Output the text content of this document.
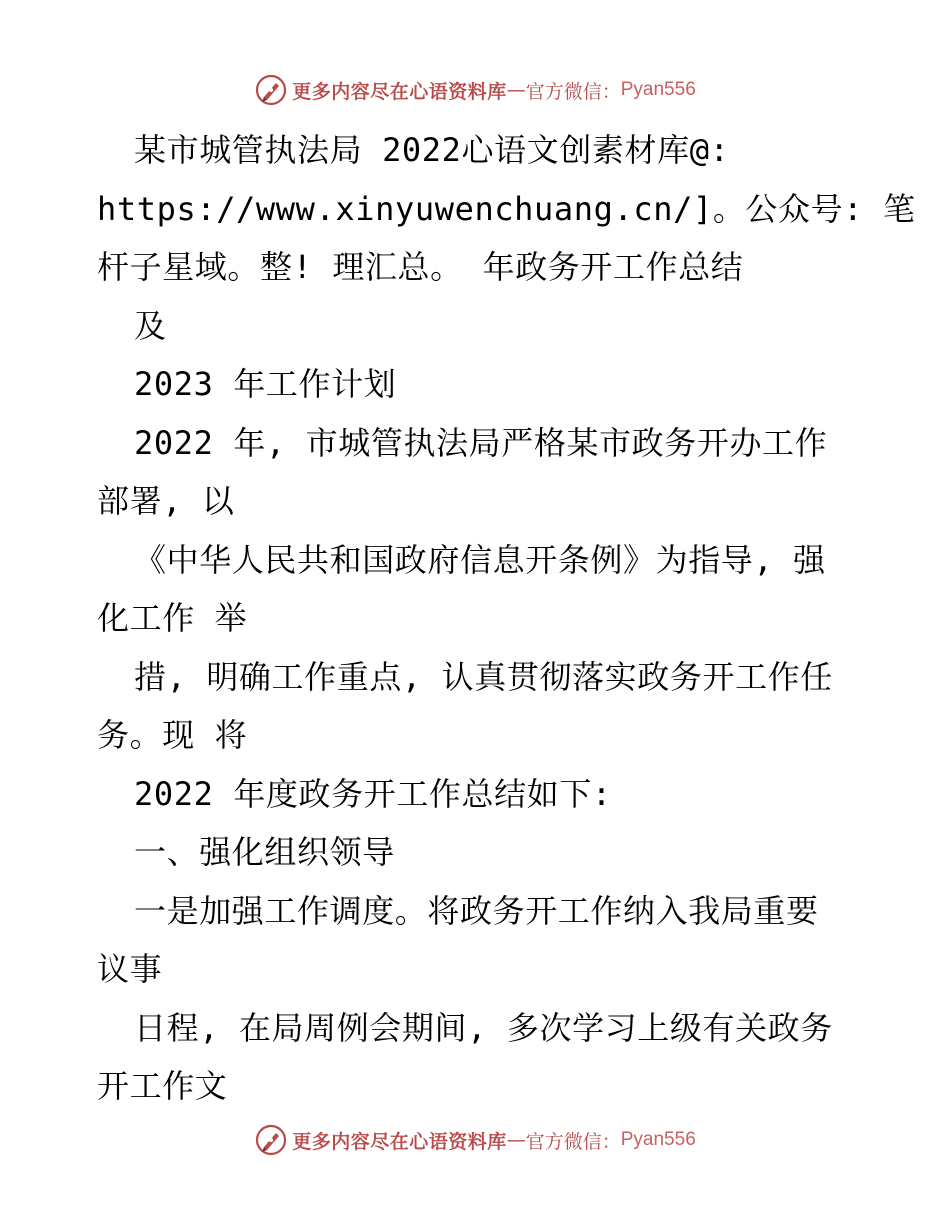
更多内容尽在心语资料库 — 官方微信： Pyan556
某市城管执法局 2022心语文创素材库@:
https://www.xinyuwenchuang.cn/]。公众号: 笔
杆子星域。整! 理汇总。 年政务开工作总结
及
2023 年工作计划
2022 年, 市城管执法局严格某市政务开办工作
部署, 以
《中华人民共和国政府信息开条例》为指导, 强
化工作 举
措, 明确工作重点, 认真贯彻落实政务开工作任
务。现 将
2022 年度政务开工作总结如下:
一、强化组织领导
一是加强工作调度。将政务开工作纳入我局重要
议事
日程, 在局周例会期间, 多次学习上级有关政务
开工作文
更多内容尽在心语资料库 — 官方微信： Pyan556
